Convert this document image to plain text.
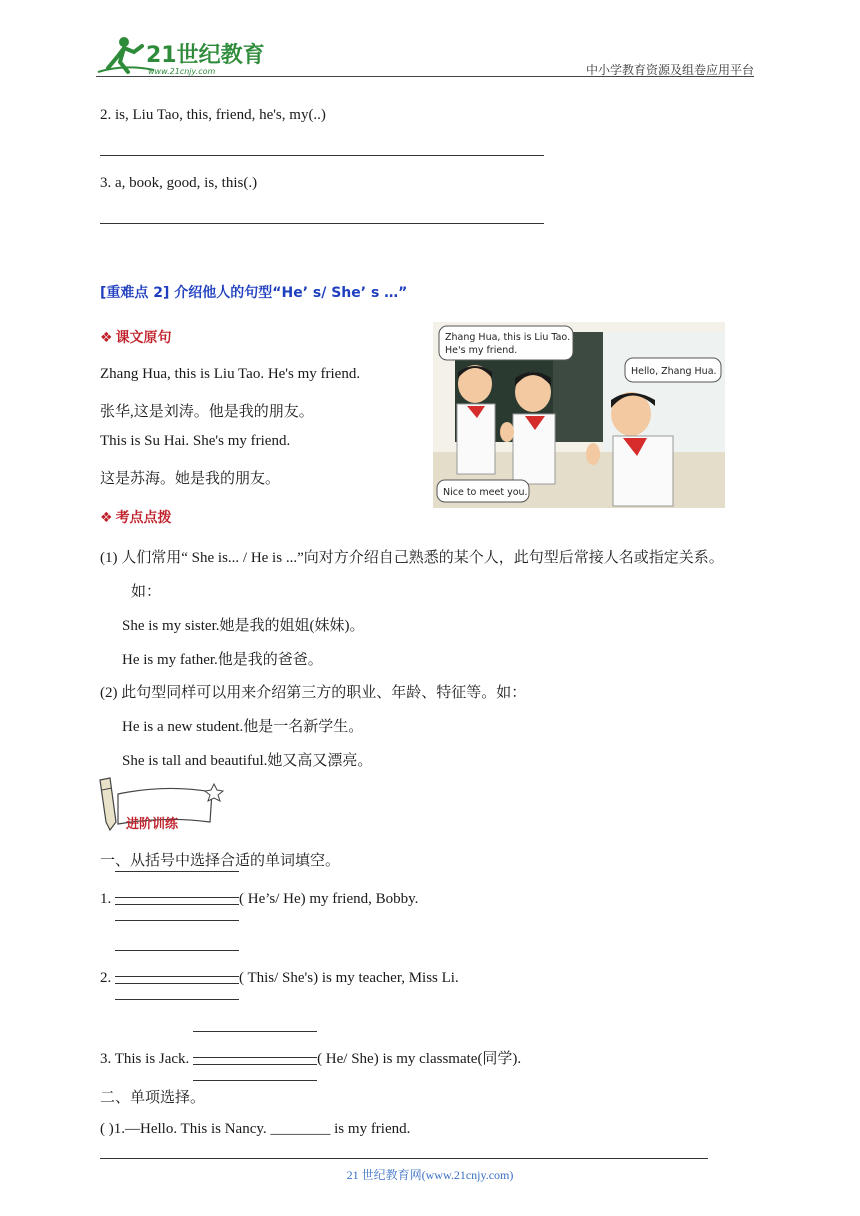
21世纪教育
www.21cnjy.com	中小学教育资源及组卷应用平台
2. is, Liu Tao, this, friend, he's, my(..)
3. a, book, good, is, this(.)
[重难点 2] 介绍他人的句型“He’ s/ She’ s …”
❖ 课文原句
Zhang Hua, this is Liu Tao. He's my friend.
张华,这是刘涛。他是我的朋友。
This is Su Hai. She's my friend.
这是苏海。她是我的朋友。
Zhang Hua, this is Liu Tao.
He's my friend.
Hello, Zhang Hua.
Nice to meet you.
❖ 考点点拨
(1) 人们常用“ She is... / He is ...”向对方介绍自己熟悉的某个人，此句型后常接人名或指定关系。
如：
She is my sister.她是我的姐姐(妹妹)。
He is my father.他是我的爸爸。
(2) 此句型同样可以用来介绍第三方的职业、年龄、特征等。如：
He is a new student.他是一名新学生。
She is tall and beautiful.她又高又漂亮。
进阶训练
一、从括号中选择合适的单词填空。
1.	( He’s/ He) my friend, Bobby.
2.	( This/ She's) is my teacher, Miss Li.
3. This is Jack.	( He/ She) is my classmate(同学).
二、单项选择。
( )1.—Hello. This is Nancy. ________ is my friend.
21 世纪教育网(www.21cnjy.com)
